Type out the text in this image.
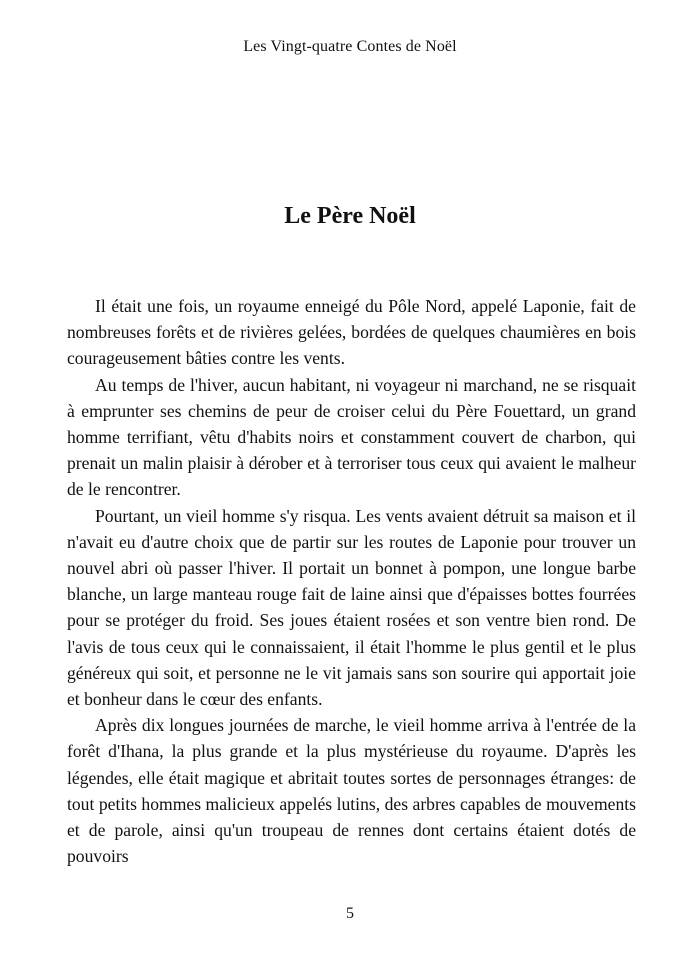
Les Vingt-quatre Contes de Noël
Le Père Noël

Il était une fois, un royaume enneigé du Pôle Nord, appelé Laponie, fait de nombreuses forêts et de rivières gelées, bordées de quelques chaumières en bois courageusement bâties contre les vents.

Au temps de l'hiver, aucun habitant, ni voyageur ni marchand, ne se risquait à emprunter ses chemins de peur de croiser celui du Père Fouettard, un grand homme terrifiant, vêtu d'habits noirs et constamment couvert de charbon, qui prenait un malin plaisir à dérober et à terroriser tous ceux qui avaient le malheur de le rencontrer.

Pourtant, un vieil homme s'y risqua. Les vents avaient détruit sa maison et il n'avait eu d'autre choix que de partir sur les routes de Laponie pour trouver un nouvel abri où passer l'hiver. Il portait un bonnet à pompon, une longue barbe blanche, un large manteau rouge fait de laine ainsi que d'épaisses bottes fourrées pour se protéger du froid. Ses joues étaient rosées et son ventre bien rond. De l'avis de tous ceux qui le connaissaient, il était l'homme le plus gentil et le plus généreux qui soit, et personne ne le vit jamais sans son sourire qui apportait joie et bonheur dans le cœur des enfants.

Après dix longues journées de marche, le vieil homme arriva à l'entrée de la forêt d'Ihana, la plus grande et la plus mystérieuse du royaume. D'après les légendes, elle était magique et abritait toutes sortes de personnages étranges: de tout petits hommes malicieux appelés lutins, des arbres capables de mouvements et de parole, ainsi qu'un troupeau de rennes dont certains étaient dotés de pouvoirs

5
